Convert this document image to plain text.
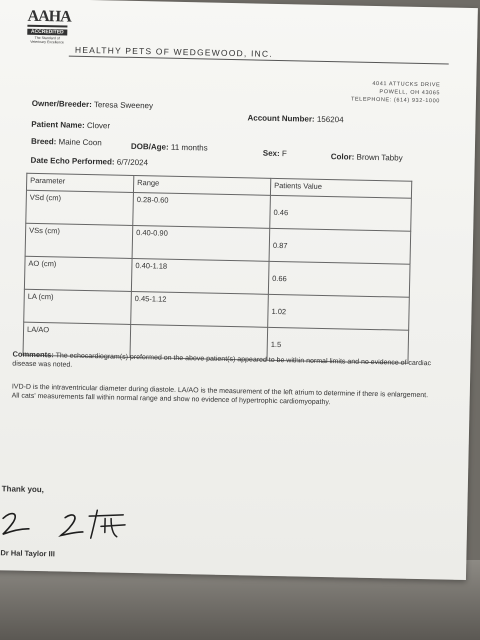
AAHA
ACCREDITED
The Standard of Veterinary Excellence
HEALTHY PETS OF WEDGEWOOD, INC.
4041 ATTUCKS DRIVE
POWELL, OH 43065
TELEPHONE: (614) 932-1000
Owner/Breeder: Teresa Sweeney
Account Number: 156204
Patient Name: Clover
Breed: Maine Coon	DOB/Age: 11 months
Sex: F	Color: Brown Tabby
Date Echo Performed: 6/7/2024
Parameter	Range	Patients Value
VSd (cm)	0.28-0.60	0.46
VSs (cm)	0.40-0.90	0.87
AO (cm)	0.40-1.18	0.66
LA (cm)	0.45-1.12	1.02
LA/AO		1.5
Comments: The echocardiogram(s) preformed on the above patient(s) appeared to be within normal limits and no evidence of cardiac disease was noted.
IVD-D is the intraventricular diameter during diastole. LA/AO is the measurement of the left atrium to determine if there is enlargement. All cats' measurements fall within normal range and show no evidence of hypertrophic cardiomyopathy.
Thank you,
Dr Hal Taylor III
